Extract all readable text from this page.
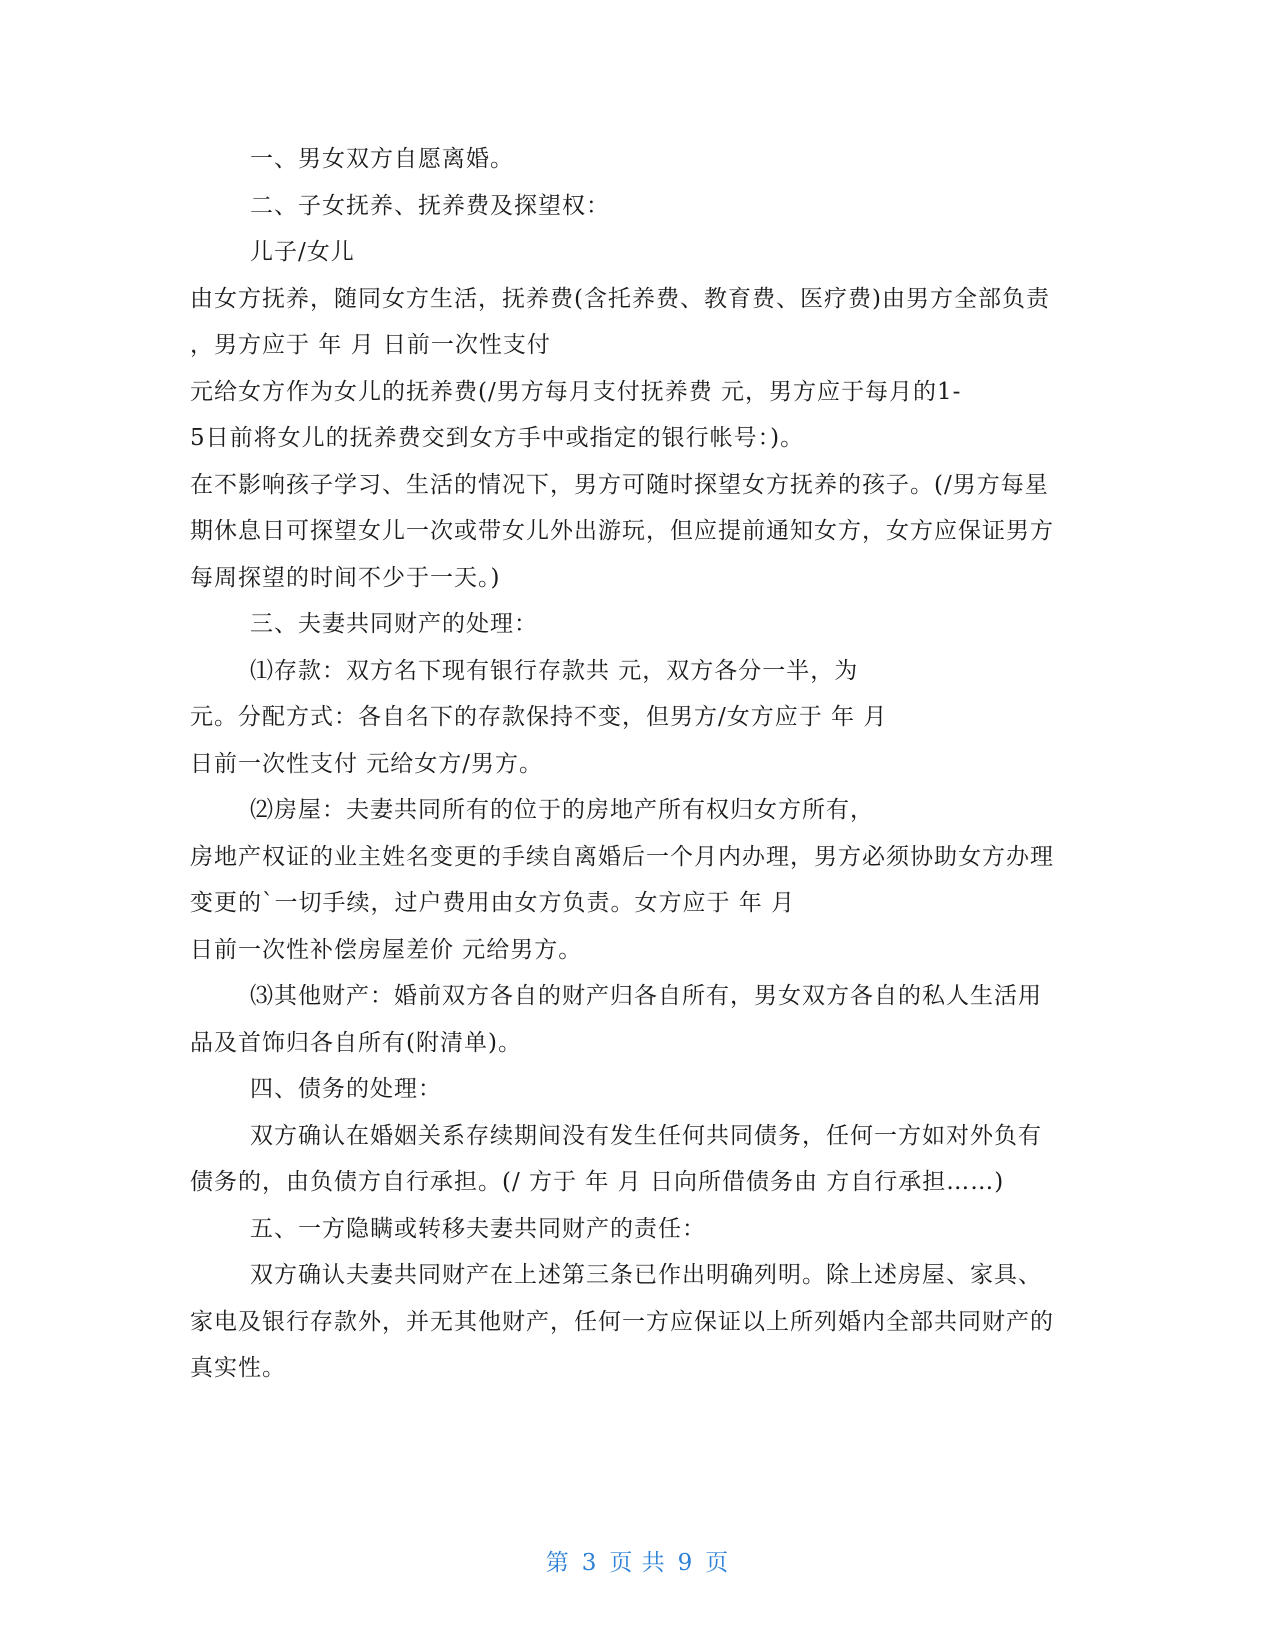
一、男女双方自愿离婚。
二、子女抚养、抚养费及探望权：
儿子/女儿
由女方抚养，随同女方生活，抚养费(含托养费、教育费、医疗费)由男方全部负责
，男方应于 年 月 日前一次性支付
元给女方作为女儿的抚养费(/男方每月支付抚养费 元，男方应于每月的1-
5日前将女儿的抚养费交到女方手中或指定的银行帐号：)。
在不影响孩子学习、生活的情况下，男方可随时探望女方抚养的孩子。(/男方每星
期休息日可探望女儿一次或带女儿外出游玩，但应提前通知女方，女方应保证男方
每周探望的时间不少于一天。)
三、夫妻共同财产的处理：
⑴存款：双方名下现有银行存款共 元，双方各分一半，为
元。分配方式：各自名下的存款保持不变，但男方/女方应于 年 月
日前一次性支付 元给女方/男方。
⑵房屋：夫妻共同所有的位于的房地产所有权归女方所有，
房地产权证的业主姓名变更的手续自离婚后一个月内办理，男方必须协助女方办理
变更的`一切手续，过户费用由女方负责。女方应于 年 月
日前一次性补偿房屋差价 元给男方。
⑶其他财产：婚前双方各自的财产归各自所有，男女双方各自的私人生活用
品及首饰归各自所有(附清单)。
四、债务的处理：
双方确认在婚姻关系存续期间没有发生任何共同债务，任何一方如对外负有
债务的，由负债方自行承担。(/ 方于 年 月 日向所借债务由 方自行承担……)
五、一方隐瞒或转移夫妻共同财产的责任：
双方确认夫妻共同财产在上述第三条已作出明确列明。除上述房屋、家具、
家电及银行存款外，并无其他财产，任何一方应保证以上所列婚内全部共同财产的
真实性。
第 3 页 共 9 页
